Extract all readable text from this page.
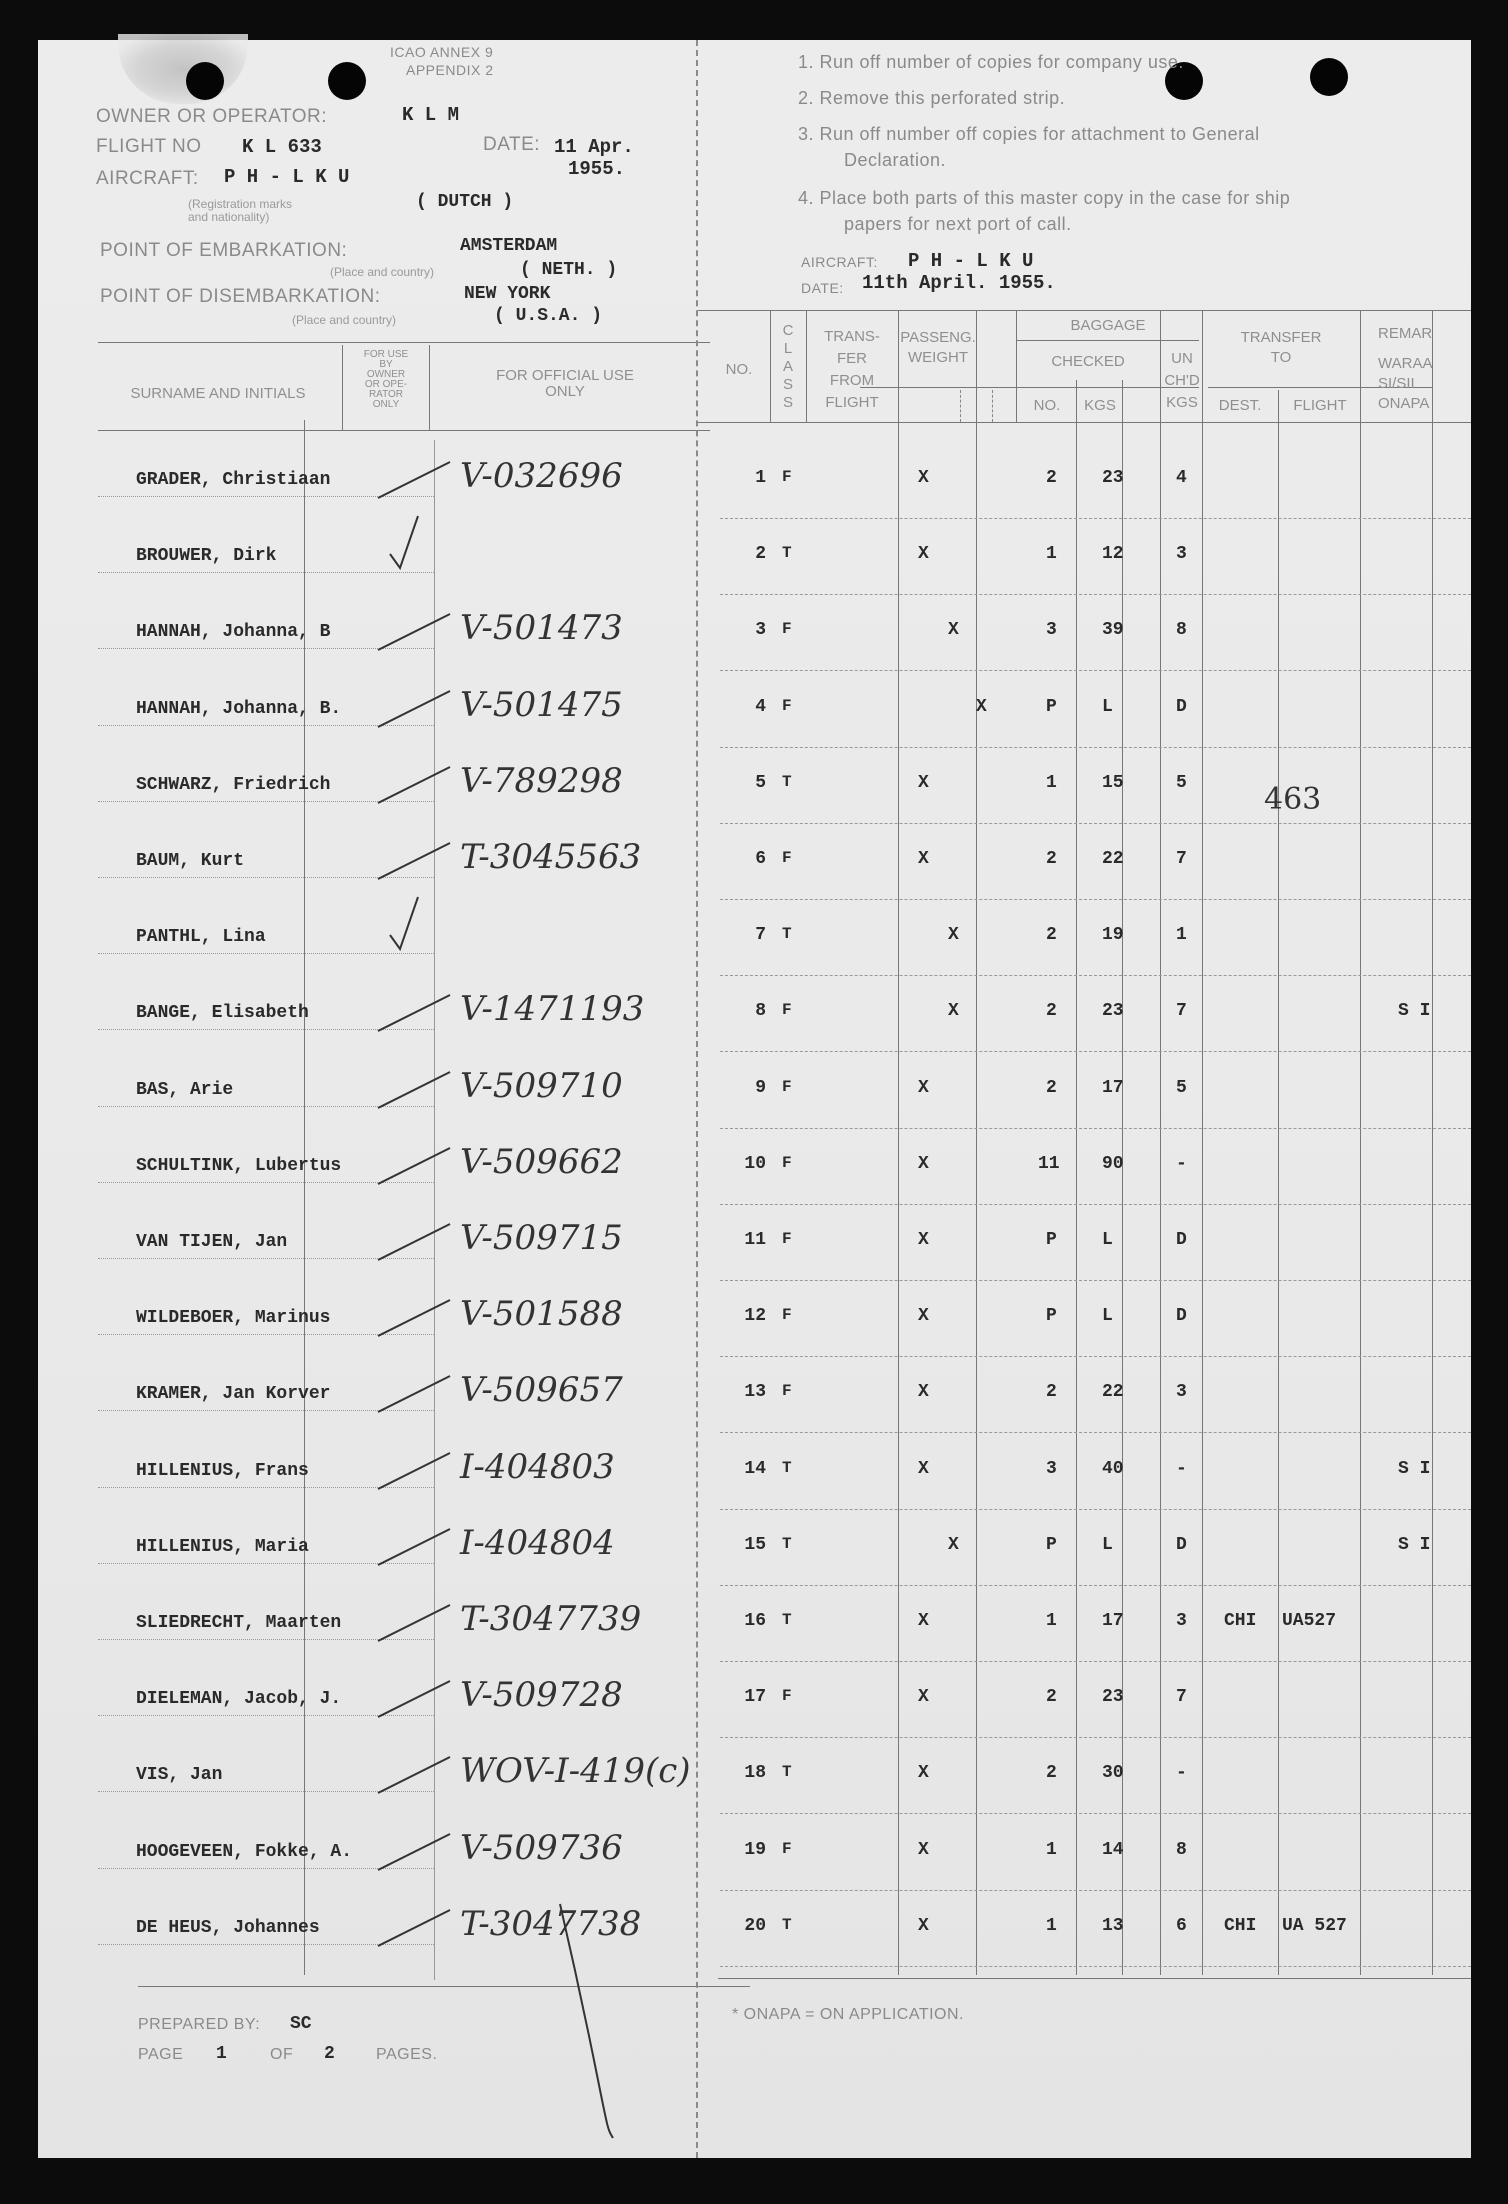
ICAO ANNEX 9
APPENDIX 2
OWNER OR OPERATOR:	K L M
FLIGHT NO K L 633	DATE: 11 Apr.
1955.
AIRCRAFT: P H - L K U
(Registration marks
and nationality)
( DUTCH )
POINT OF EMBARKATION:	AMSTERDAM
(Place and country)	( NETH. )
POINT OF DISEMBARKATION:	NEW YORK
(Place and country)	( U.S.A. )
1. Run off number of copies for company use.
2. Remove this perforated strip.
3. Run off number off copies for attachment to General
Declaration.
4. Place both parts of this master copy in the case for ship
papers for next port of call.
AIRCRAFT: P H - L K U
DATE: 11th April. 1955.
SURNAME AND INITIALS
FOR USE
BY
OWNER
OR OPE-
RATOR
ONLY
FOR OFFICIAL USE
ONLY
NO.
C
L
A
S
S
TRANS-
FER
FROM
FLIGHT
PASSENG.
WEIGHT
BAGGAGE
CHECKED
NO.	KGS
UN
CH'D
KGS
TRANSFER
TO
DEST.	FLIGHT
REMAR
WARAA
SI/SII
ONAPA
GRADER, Christiaan	V-032696	1 F	X	2	23	4
BROUWER, Dirk	2 T	X	1	12	3
HANNAH, Johanna, B	V-501473	3 F	X	3	39	8
HANNAH, Johanna, B.	V-501475	4 F	X	P	L	D
SCHWARZ, Friedrich	V-789298	5 T	X	1	15	5
BAUM, Kurt	T-3045563	6 F	X	2	22	7
PANTHL, Lina	7 T	X	2	19	1
BANGE, Elisabeth	V-1471193	8 F	X	2	23	7	S I
BAS, Arie	V-509710	9 F	X	2	17	5
SCHULTINK, Lubertus	V-509662	10 F	X	11 90	-
VAN TIJEN, Jan	V-509715	11 F	X	P	L	D
WILDEBOER, Marinus	V-501588	12 F	X	P	L	D
KRAMER, Jan Korver	V-509657	13 F	X	2	22	3
HILLENIUS, Frans	I-404803	14 T	X	3	40	-	S I
HILLENIUS, Maria	I-404804	15 T	X	P	L	D	S I
SLIEDRECHT, Maarten	T-3047739	16 T	X	1	17	3 CHI UA527
DIELEMAN, Jacob, J.	V-509728	17 F	X	2	23	7
VIS, Jan	WOV-I-419(c)	18 T	X	2	30	-
HOOGEVEEN, Fokke, A.	V-509736	19 F	X	1	14	8
DE HEUS, Johannes	T-3047738	20 T	X	1	13	6 CHI UA 527
463
PREPARED BY: SC
PAGE 1	OF 2	PAGES.
* ONAPA = ON APPLICATION.
